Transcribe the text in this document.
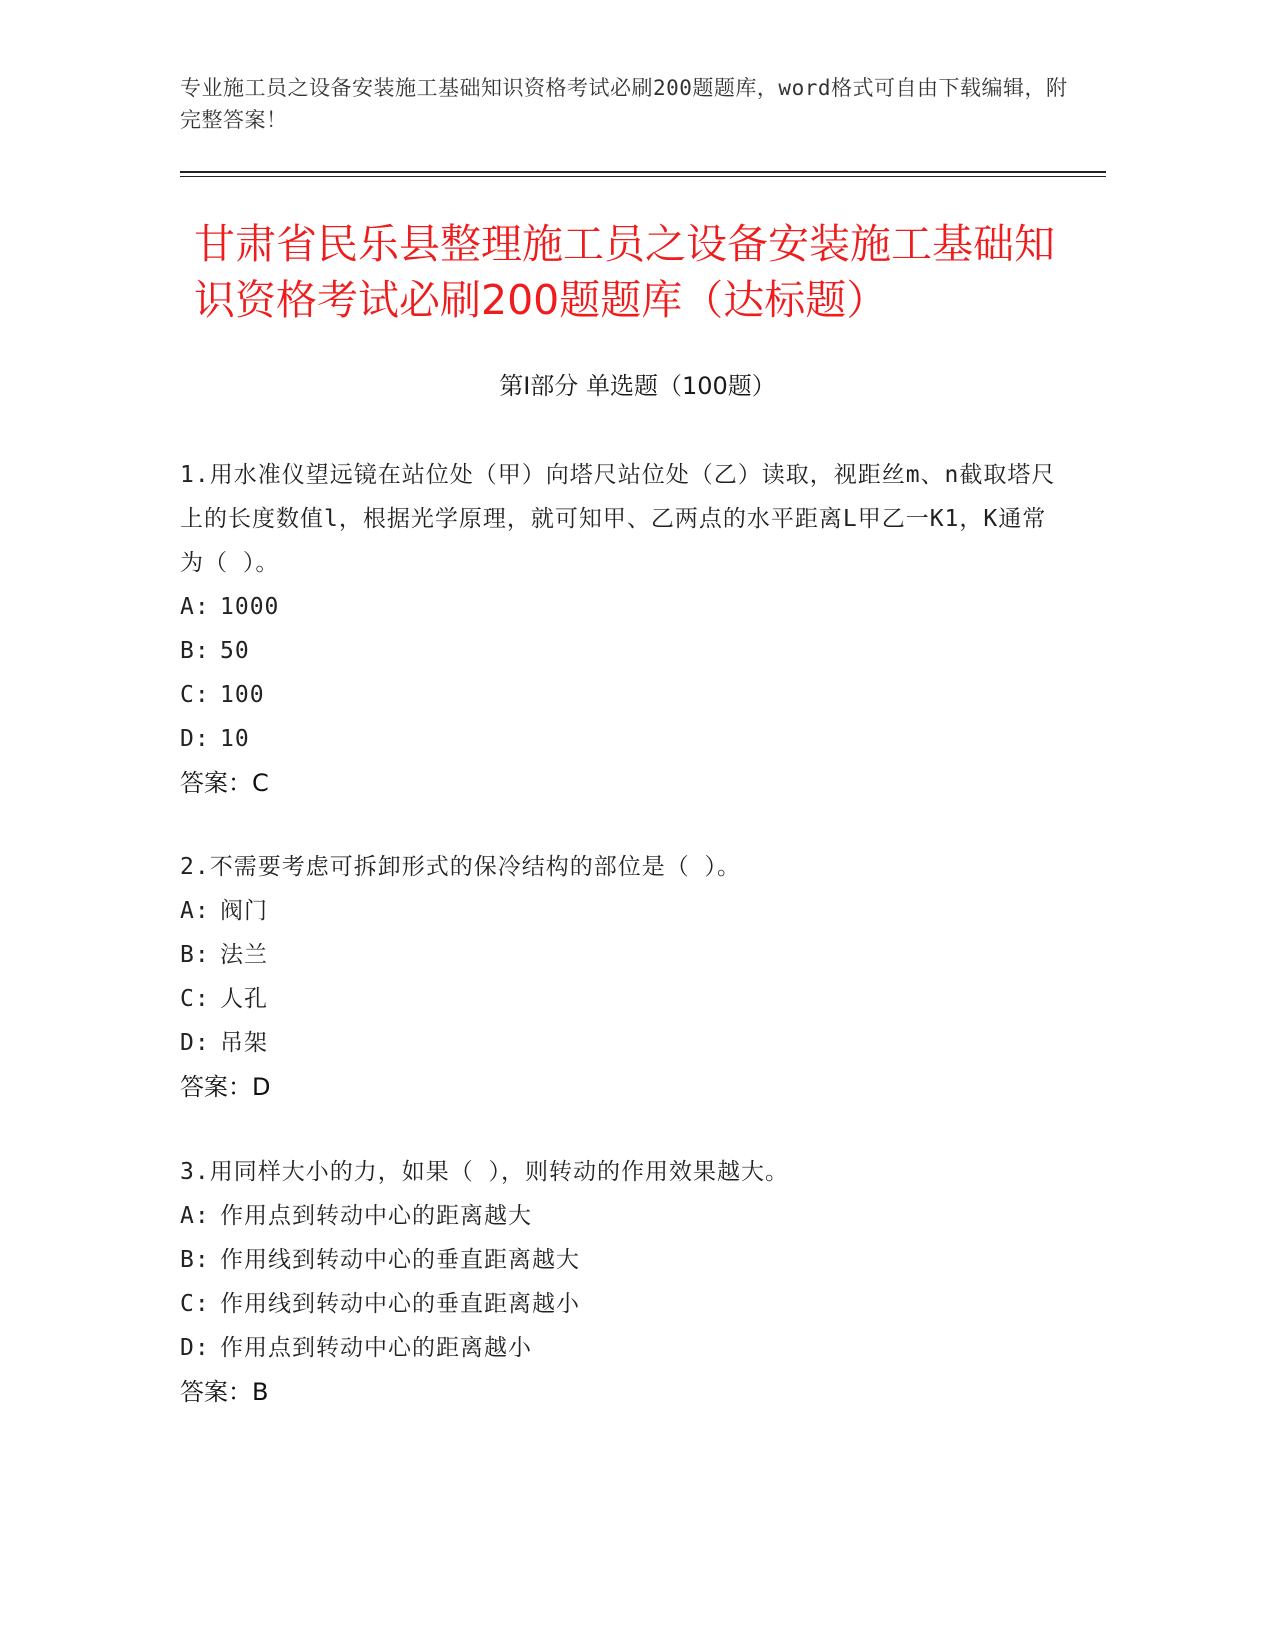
专业施工员之设备安装施工基础知识资格考试必刷200题题库，word格式可自由下载编辑，附完整答案！
甘肃省民乐县整理施工员之设备安装施工基础知识资格考试必刷200题题库（达标题）
第Ⅰ部分 单选题（100题）
1.用水准仪望远镜在站位处（甲）向塔尺站位处（乙）读取，视距丝m、n截取塔尺上的长度数值l，根据光学原理，就可知甲、乙两点的水平距离L甲乙一K1，K通常为（ ）。
A: 1000
B: 50
C: 100
D: 10
答案：C
2.不需要考虑可拆卸形式的保冷结构的部位是（ ）。
A: 阀门
B: 法兰
C: 人孔
D: 吊架
答案：D
3.用同样大小的力，如果（ ），则转动的作用效果越大。
A: 作用点到转动中心的距离越大
B: 作用线到转动中心的垂直距离越大
C: 作用线到转动中心的垂直距离越小
D: 作用点到转动中心的距离越小
答案：B
